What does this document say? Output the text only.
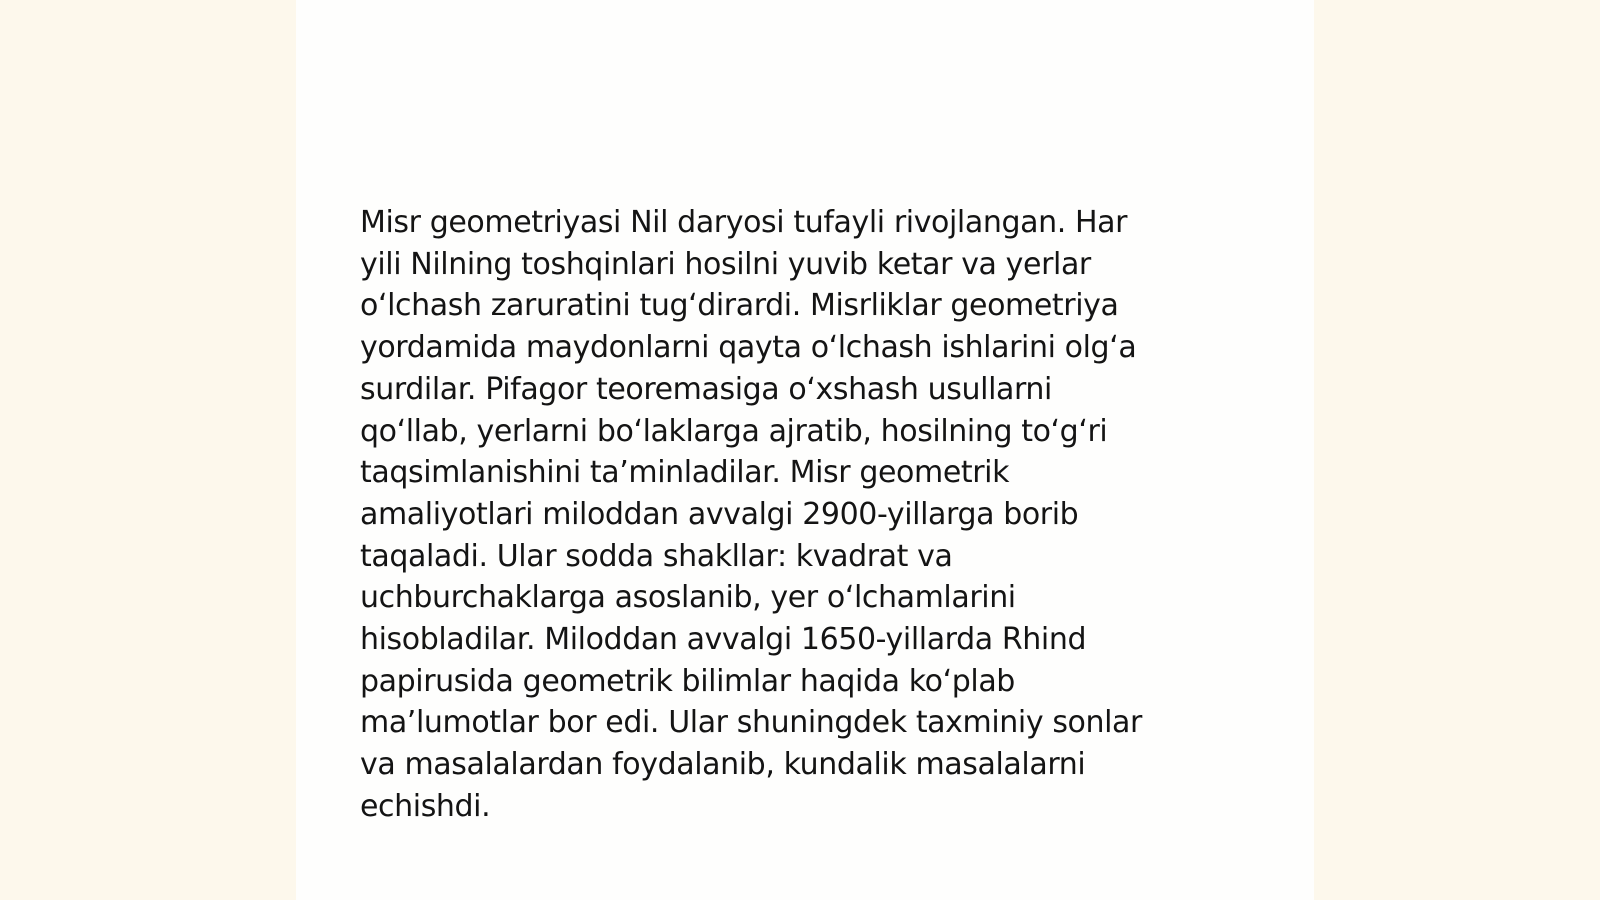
Misr geometriyasi Nil daryosi tufayli rivojlangan. Har
yili Nilning toshqinlari hosilni yuvib ketar va yerlar
o‘lchash zaruratini tug‘dirardi. Misrliklar geometriya
yordamida maydonlarni qayta o‘lchash ishlarini olg‘a
surdilar. Pifagor teoremasiga o‘xshash usullarni
qo‘llab, yerlarni bo‘laklarga ajratib, hosilning to‘g‘ri
taqsimlanishini ta’minladilar. Misr geometrik
amaliyotlari miloddan avvalgi 2900-yillarga borib
taqaladi. Ular sodda shakllar: kvadrat va
uchburchaklarga asoslanib, yer o‘lchamlarini
hisobladilar. Miloddan avvalgi 1650-yillarda Rhind
papirusida geometrik bilimlar haqida ko‘plab
ma’lumotlar bor edi. Ular shuningdek taxminiy sonlar
va masalalardan foydalanib, kundalik masalalarni
echishdi.
